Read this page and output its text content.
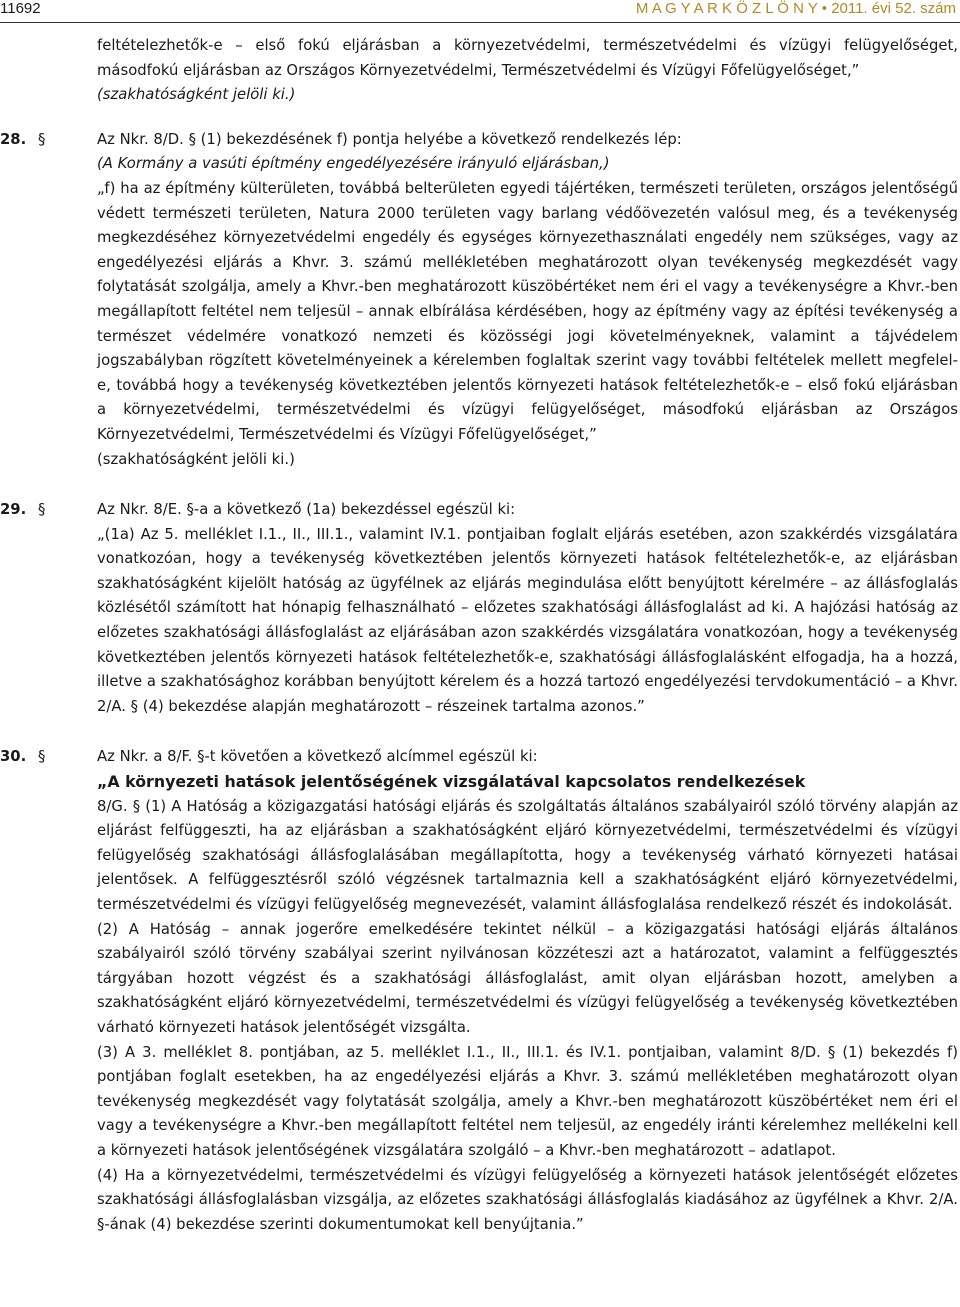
11692	M A G Y A R K Ö Z L Ö N Y • 2011. évi 52. szám

feltételezhetők-e – első fokú eljárásban a környezetvédelmi, természetvédelmi és vízügyi felügyelőséget, másodfokú eljárásban az Országos Környezetvédelmi, Természetvédelmi és Vízügyi Főfelügyelőséget,”

(szakhatóságként jelöli ki.)

28. §	Az Nkr. 8/D. § (1) bekezdésének f) pontja helyébe a következő rendelkezés lép:

(A Kormány a vasúti építmény engedélyezésére irányuló eljárásban,)

„f) ha az építmény külterületen, továbbá belterületen egyedi tájértéken, természeti területen, országos jelentőségű védett természeti területen, Natura 2000 területen vagy barlang védőövezetén valósul meg, és a tevékenység megkezdéséhez környezetvédelmi engedély és egységes környezethasználati engedély nem szükséges, vagy az engedélyezési eljárás a Khvr. 3. számú mellékletében meghatározott olyan tevékenység megkezdését vagy folytatását szolgálja, amely a Khvr.-ben meghatározott küszöbértéket nem éri el vagy a tevékenységre a Khvr.-ben megállapított feltétel nem teljesül – annak elbírálása kérdésében, hogy az építmény vagy az építési tevékenység a természet védelmére vonatkozó nemzeti és közösségi jogi követelményeknek, valamint a tájvédelem jogszabályban rögzített követelményeinek a kérelemben foglaltak szerint vagy további feltételek mellett megfelel-e, továbbá hogy a tevékenység következtében jelentős környezeti hatások feltételezhetők-e – első fokú eljárásban a környezetvédelmi, természetvédelmi és vízügyi felügyelőséget, másodfokú eljárásban az Országos Környezetvédelmi, Természetvédelmi és Vízügyi Főfelügyelőséget,”

(szakhatóságként jelöli ki.)

29. §	Az Nkr. 8/E. §-a a következő (1a) bekezdéssel egészül ki:

„(1a) Az 5. melléklet I.1., II., III.1., valamint IV.1. pontjaiban foglalt eljárás esetében, azon szakkérdés vizsgálatára vonatkozóan, hogy a tevékenység következtében jelentős környezeti hatások feltételezhetők-e, az eljárásban szakhatóságként kijelölt hatóság az ügyfélnek az eljárás megindulása előtt benyújtott kérelmére – az állásfoglalás közlésétől számított hat hónapig felhasználható – előzetes szakhatósági állásfoglalást ad ki. A hajózási hatóság az előzetes szakhatósági állásfoglalást az eljárásában azon szakkérdés vizsgálatára vonatkozóan, hogy a tevékenység következtében jelentős környezeti hatások feltételezhetők-e, szakhatósági állásfoglalásként elfogadja, ha a hozzá, illetve a szakhatósághoz korábban benyújtott kérelem és a hozzá tartozó engedélyezési tervdokumentáció – a Khvr. 2/A. § (4) bekezdése alapján meghatározott – részeinek tartalma azonos.”

30. §	Az Nkr. a 8/F. §-t követően a következő alcímmel egészül ki:

„A környezeti hatások jelentőségének vizsgálatával kapcsolatos rendelkezések

8/G. § (1) A Hatóság a közigazgatási hatósági eljárás és szolgáltatás általános szabályairól szóló törvény alapján az eljárást felfüggeszti, ha az eljárásban a szakhatóságként eljáró környezetvédelmi, természetvédelmi és vízügyi felügyelőség szakhatósági állásfoglalásában megállapította, hogy a tevékenység várható környezeti hatásai jelentősek. A felfüggesztésről szóló végzésnek tartalmaznia kell a szakhatóságként eljáró környezetvédelmi, természetvédelmi és vízügyi felügyelőség megnevezését, valamint állásfoglalása rendelkező részét és indokolását.

(2) A Hatóság – annak jogerőre emelkedésére tekintet nélkül – a közigazgatási hatósági eljárás általános szabályairól szóló törvény szabályai szerint nyilvánosan közzéteszi azt a határozatot, valamint a felfüggesztés tárgyában hozott végzést és a szakhatósági állásfoglalást, amit olyan eljárásban hozott, amelyben a szakhatóságként eljáró környezetvédelmi, természetvédelmi és vízügyi felügyelőség a tevékenység következtében várható környezeti hatások jelentőségét vizsgálta.

(3) A 3. melléklet 8. pontjában, az 5. melléklet I.1., II., III.1. és IV.1. pontjaiban, valamint 8/D. § (1) bekezdés f) pontjában foglalt esetekben, ha az engedélyezési eljárás a Khvr. 3. számú mellékletében meghatározott olyan tevékenység megkezdését vagy folytatását szolgálja, amely a Khvr.-ben meghatározott küszöbértéket nem éri el vagy a tevékenységre a Khvr.-ben megállapított feltétel nem teljesül, az engedély iránti kérelemhez mellékelni kell a környezeti hatások jelentőségének vizsgálatára szolgáló – a Khvr.-ben meghatározott – adatlapot.

(4) Ha a környezetvédelmi, természetvédelmi és vízügyi felügyelőség a környezeti hatások jelentőségét előzetes szakhatósági állásfoglalásban vizsgálja, az előzetes szakhatósági állásfoglalás kiadásához az ügyfélnek a Khvr. 2/A. §-ának (4) bekezdése szerinti dokumentumokat kell benyújtania.”
